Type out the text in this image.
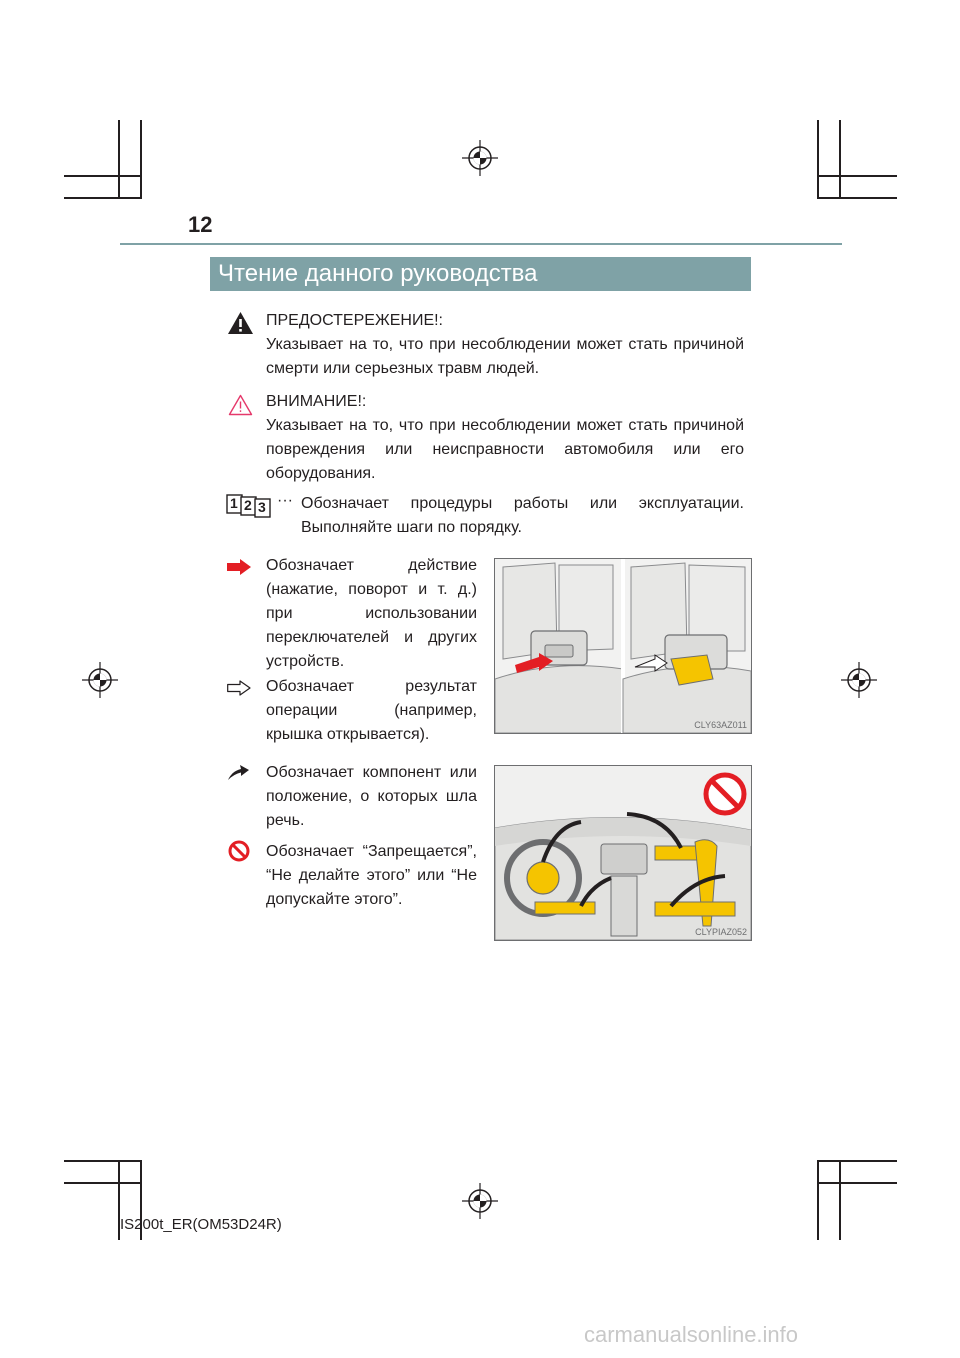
12
Чтение данного руководства
ПРЕДОСТЕРЕЖЕНИЕ!:
Указывает на то, что при несоблюдении может стать причиной смерти или серьезных травм людей.
ВНИМАНИЕ!:
Указывает на то, что при несоблюдении может стать причиной повреждения или неисправности автомобиля или его оборудования.
1 2 3 ··· Обозначает процедуры работы или эксплуатации. Выполняйте шаги по порядку.
Обозначает действие (нажатие, поворот и т. д.) при использовании переключателей и других устройств.
Обозначает результат операции (например, крышка открывается).
Обозначает компонент или положение, о которых шла речь.
Обозначает “Запрещается”, “Не делайте этого” или “Не допускайте этого”.
CLY63AZ011
CLYPIAZ052
IS200t_ER(OM53D24R)
carmanualsonline.info
